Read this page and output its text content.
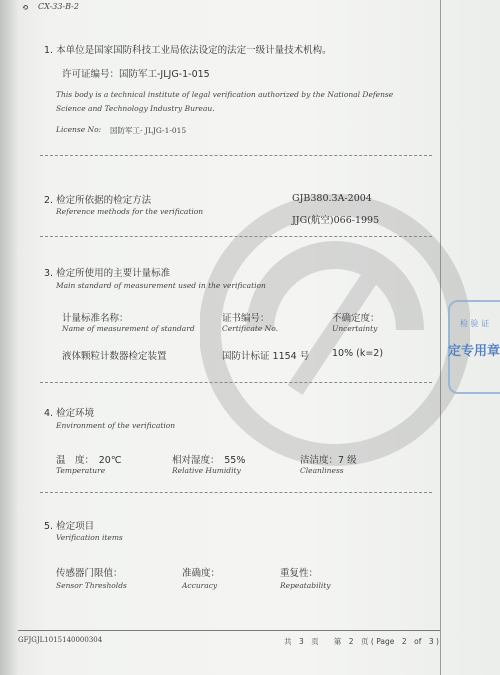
⟲ CX-33-B-2
1. 本单位是国家国防科技工业局依法设定的法定一级计量技术机构。
许可证编号：国防军工-JLJG-1-015
This body is a technical institute of legal verification authorized by the National Defense
Science and Technology Industry Bureau.
License No: 国防军工- JLJG-1-015
2. 检定所依据的检定方法
Reference methods for the verification
GJB380.3A-2004
JJG(航空)066-1995
3. 检定所使用的主要计量标准
Main standard of measurement used in the verification
计量标准名称：
Name of measurement of standard
证书编号：
Certificate No.
不确定度：
Uncertainty
液体颗粒计数器检定装置	国防计标证 1154 号 10% (k=2)
4. 检定环境
Environment of the verification
温　度：　20℃
Temperature
相对湿度：　55%
Relative Humidity
洁洁度：7 级
Cleanliness
5. 检定项目
Verification items
传感器门限值：
Sensor Thresholds
准确度：
Accuracy
重复性：
Repeatability
GFJGJL1015140000304	共　3　页　　第　2　页 ( Page　2　of　3 )
检 验 证
定专用章
